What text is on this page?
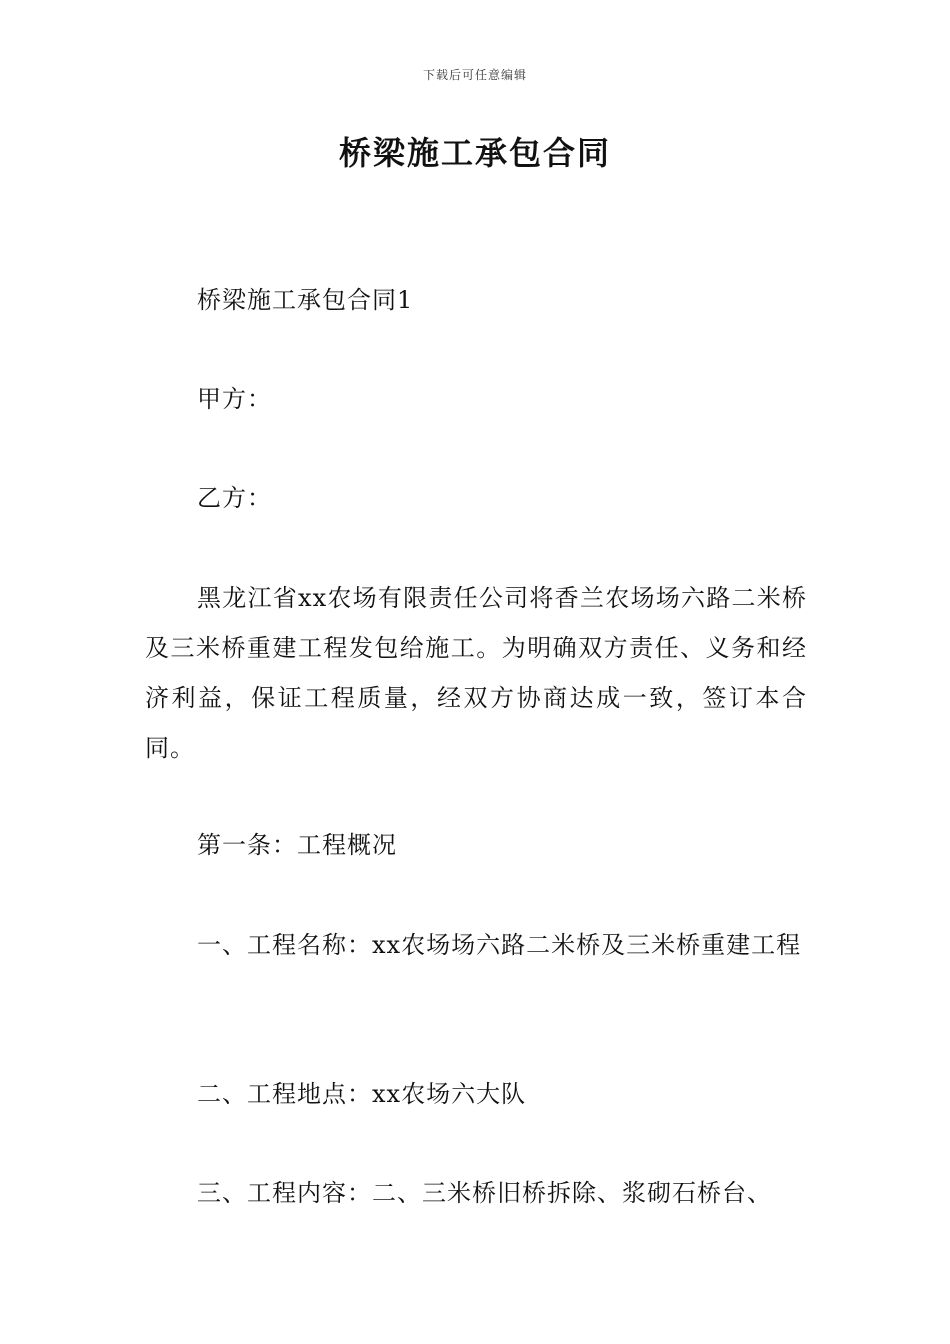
下载后可任意编辑
桥梁施工承包合同

桥梁施工承包合同1

甲方：

乙方：

黑龙江省xx农场有限责任公司将香兰农场场六路二米桥及三米桥重建工程发包给施工。为明确双方责任、义务和经济利益，保证工程质量，经双方协商达成一致，签订本合同。

第一条：工程概况

一、工程名称：xx农场场六路二米桥及三米桥重建工程

二、工程地点：xx农场六大队

三、工程内容：二、三米桥旧桥拆除、浆砌石桥台、
